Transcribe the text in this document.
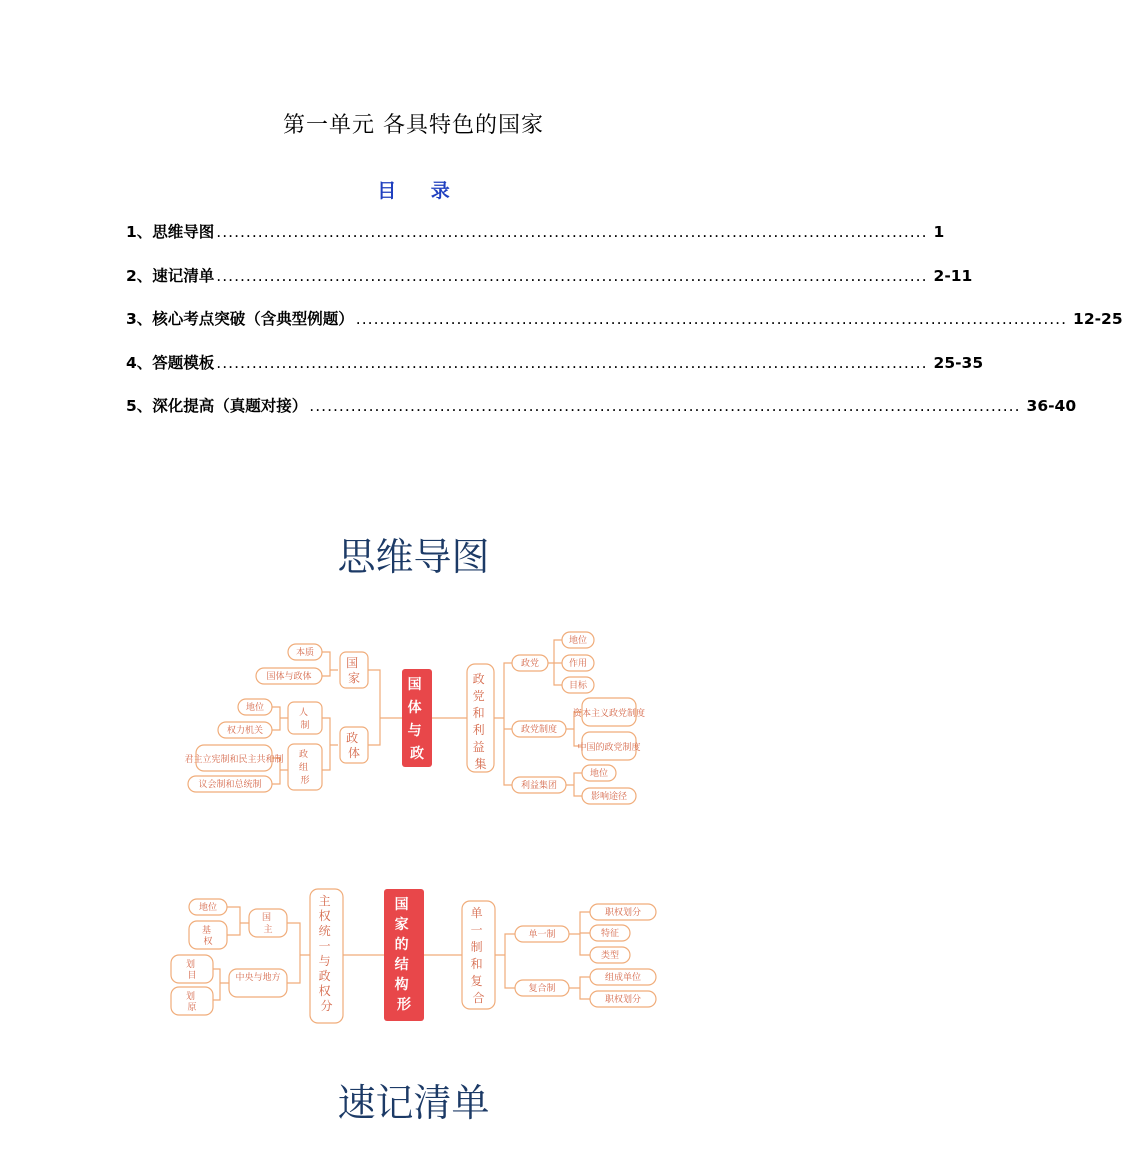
第一单元 各具特色的国家
目 录
1、思维导图 ........................................................................................................................ 1
2、速记清单 ........................................................................................................................ 2-11
3、核心考点突破（含典型例题） ........................................................................................................................ 12-25
4、答题模板 ........................................................................................................................ 25-35
5、深化提高（真题对接） ........................................................................................................................ 36-40
思维导图
国 体 与 政
国 家
政 体
本质
国体与政体
人 制
地位
权力机关
政 组 形
君主立宪制和民主共和制
议会制和总统制
政 党 和 利 益 集
政党
政党制度
利益集团
地位
作用
目标
资本主义政党制度
中国的政党制度
地位
影响途径
国 家 的 结 构 形
主 权 统 一 与 政 权 分
国 主
中央与地方
地位
基 权
划 目
划 原
单 一 制 和 复 合
单一制
复合制
职权划分
特征
类型
组成单位
职权划分
速记清单
